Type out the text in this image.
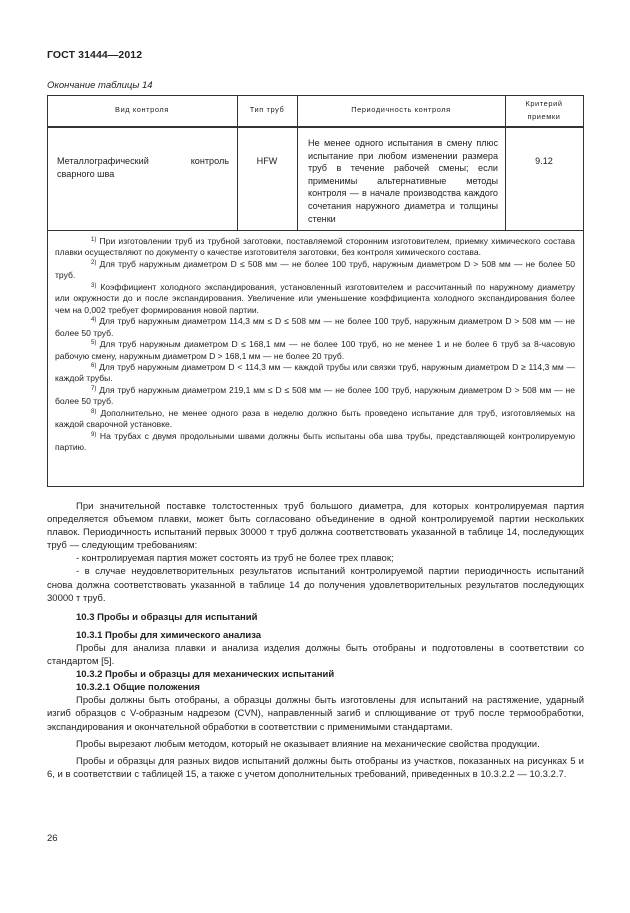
ГОСТ 31444—2012
Окончание таблицы 14
Вид контроля	Тип труб	Периодичность контроля
Критерий приемки
Металлографический контроль сварного шва
HFW
Не менее одного испытания в смену плюс испытание при любом изменении размера труб в течение рабочей смены; если применимы альтернативные методы контроля — в начале производства каждого сочетания наружного диаметра и толщины стенки
9.12

$^{1)}$ При изготовлении труб из трубной заготовки, поставляемой сторонним изготовителем, приемку химического состава плавки осуществляют по документу о качестве изготовителя заготовки, без контроля химического состава.

$^{2)}$ Для труб наружным диаметром D ≤ 508 мм — не более 100 труб, наружным диаметром D > 508 мм — не более 50 труб.

$^{3)}$ Коэффициент холодного экспандирования, установленный изготовителем и рассчитанный по наружному диаметру или окружности до и после экспандирования. Увеличение или уменьшение коэффициента холодного экспандирования более чем на 0,002 требует формирования новой партии.

$^{4)}$ Для труб наружным диаметром 114,3 мм ≤ D ≤ 508 мм — не более 100 труб, наружным диаметром D > 508 мм — не более 50 труб.

$^{5)}$ Для труб наружным диаметром D ≤ 168,1 мм — не более 100 труб, но не менее 1 и не более 6 труб за 8-часовую рабочую смену, наружным диаметром D > 168,1 мм — не более 20 труб.

$^{6)}$ Для труб наружным диаметром D < 114,3 мм — каждой трубы или связки труб, наружным диаметром D ≥ 114,3 мм — каждой трубы.

$^{7)}$ Для труб наружным диаметром 219,1 мм ≤ D ≤ 508 мм — не более 100 труб, наружным диаметром D > 508 мм — не более 50 труб.

$^{8)}$ Дополнительно, не менее одного раза в неделю должно быть проведено испытание для труб, изготовляемых на каждой сварочной установке.

$^{9)}$ На трубах с двумя продольными швами должны быть испытаны оба шва трубы, представляющей контролируемую партию.

При значительной поставке толстостенных труб большого диаметра, для которых контролируемая партия определяется объемом плавки, может быть согласовано объединение в одной контролируемой партии нескольких плавок. Периодичность испытаний первых 30000 т труб должна соответствовать указанной в таблице 14, последующих труб — следующим требованиям:

- контролируемая партия может состоять из труб не более трех плавок;

- в случае неудовлетворительных результатов испытаний контролируемой партии периодичность испытаний снова должна соответствовать указанной в таблице 14 до получения удовлетворительных результатов последующих 30000 т труб.

10.3 Пробы и образцы для испытаний

10.3.1 Пробы для химического анализа

Пробы для анализа плавки и анализа изделия должны быть отобраны и подготовлены в соответствии со стандартом [5].

10.3.2 Пробы и образцы для механических испытаний

10.3.2.1 Общие положения

Пробы должны быть отобраны, а образцы должны быть изготовлены для испытаний на растяжение, ударный изгиб образцов с V-образным надрезом (CVN), направленный загиб и сплющивание от труб после термообработки, экспандирования и окончательной обработки в соответствии с применимыми стандартами.

Пробы вырезают любым методом, который не оказывает влияние на механические свойства продукции.

Пробы и образцы для разных видов испытаний должны быть отобраны из участков, показанных на рисунках 5 и 6, и в соответствии с таблицей 15, а также с учетом дополнительных требований, приведенных в 10.3.2.2 — 10.3.2.7.

26
